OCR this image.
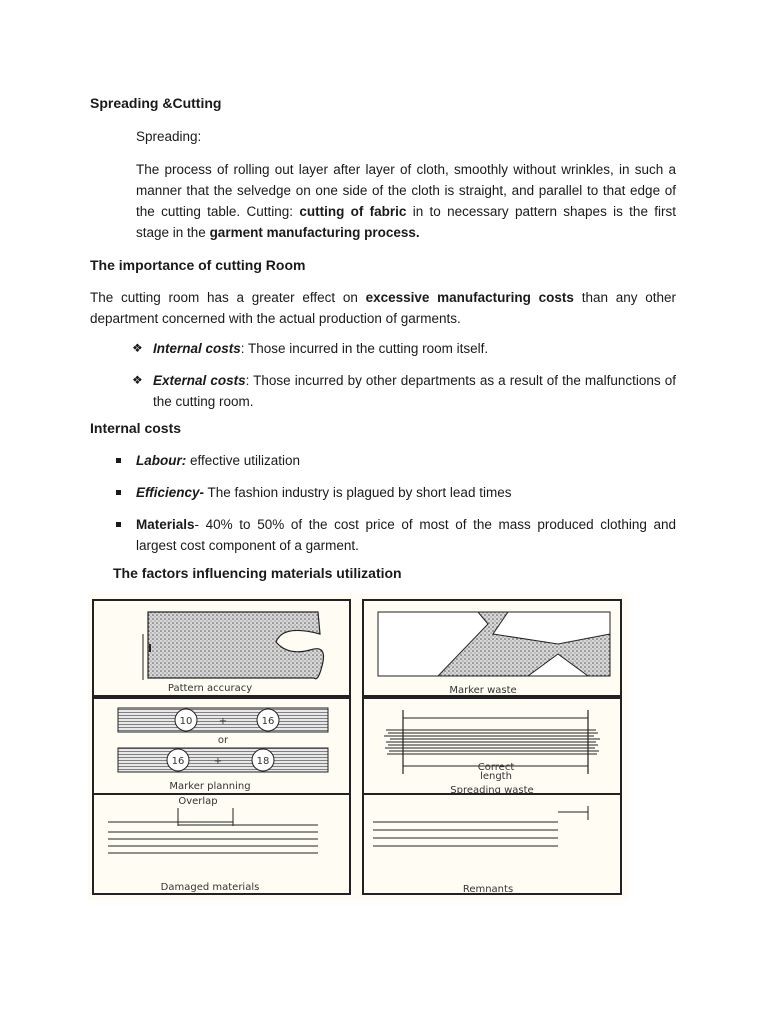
Spreading &Cutting
Spreading:
The process of rolling out layer after layer of cloth, smoothly without wrinkles, in such a manner that the selvedge on one side of the cloth is straight, and parallel to that edge of the cutting table. Cutting: cutting of fabric in to necessary pattern shapes is the first stage in the garment manufacturing process.
The importance of cutting Room
The cutting room has a greater effect on excessive manufacturing costs than any other department concerned with the actual production of garments.
❖ Internal costs: Those incurred in the cutting room itself.
❖ External costs: Those incurred by other departments as a result of the malfunctions of the cutting room.
Internal costs
Labour: effective utilization
Efficiency- The fashion industry is plagued by short lead times
Materials- 40% to 50% of the cost price of most of the mass produced clothing and largest cost component of a garment.
The factors influencing materials utilization
Pattern accuracy	Marker waste
10	+	16
or
16	+	18
Marker planning
Correct
length
Spreading waste
Overlap
Damaged materials	Remnants
